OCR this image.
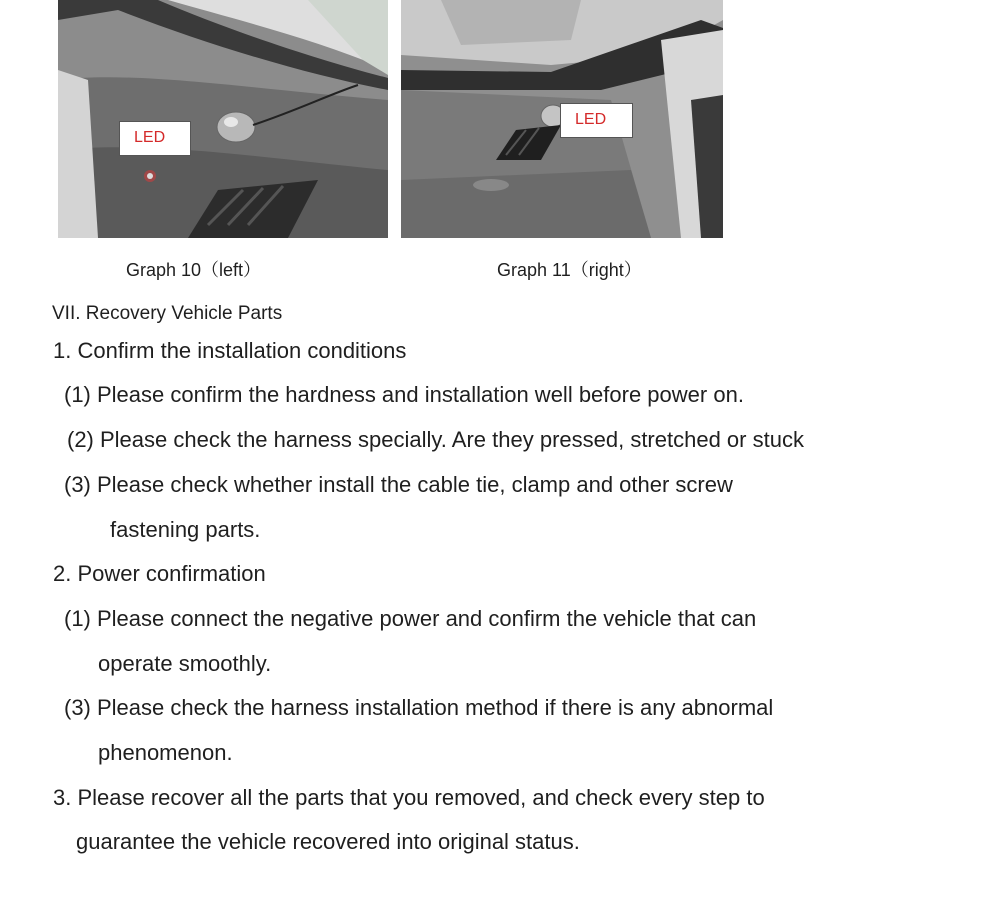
LED
LED
Graph 10（left）	Graph 11（right）
VII. Recovery Vehicle Parts
1. Confirm the installation conditions
(1) Please confirm the hardness and installation well before power on.
(2) Please check the harness specially. Are they pressed, stretched or stuck
(3) Please check whether install the cable tie, clamp and other screw
fastening parts.
2. Power confirmation
(1) Please connect the negative power and confirm the vehicle that can
operate smoothly.
(3) Please check the harness installation method if there is any abnormal
phenomenon.
3. Please recover all the parts that you removed, and check every step to
guarantee the vehicle recovered into original status.
